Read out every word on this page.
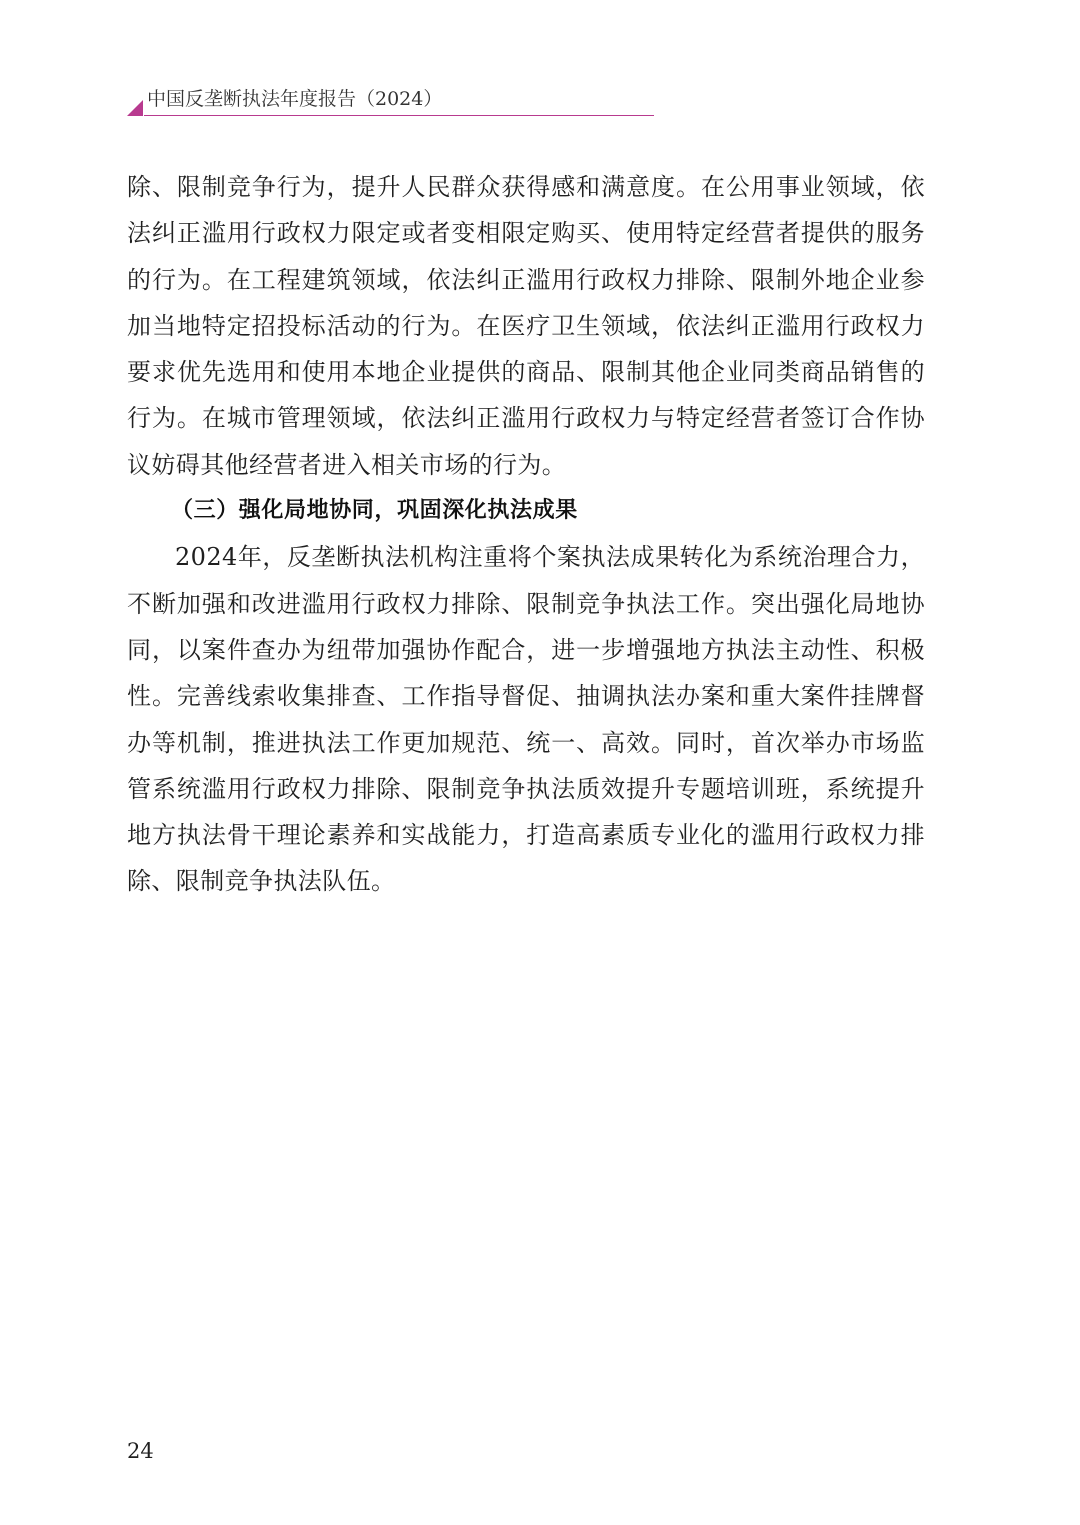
中国反垄断执法年度报告（2024）

除、限制竞争行为，提升人民群众获得感和满意度。在公用事业领域，依法纠正滥用行政权力限定或者变相限定购买、使用特定经营者提供的服务的行为。在工程建筑领域，依法纠正滥用行政权力排除、限制外地企业参加当地特定招投标活动的行为。在医疗卫生领域，依法纠正滥用行政权力要求优先选用和使用本地企业提供的商品、限制其他企业同类商品销售的行为。在城市管理领域，依法纠正滥用行政权力与特定经营者签订合作协议妨碍其他经营者进入相关市场的行为。

（三）强化局地协同，巩固深化执法成果

2024年，反垄断执法机构注重将个案执法成果转化为系统治理合力，不断加强和改进滥用行政权力排除、限制竞争执法工作。突出强化局地协同，以案件查办为纽带加强协作配合，进一步增强地方执法主动性、积极性。完善线索收集排查、工作指导督促、抽调执法办案和重大案件挂牌督办等机制，推进执法工作更加规范、统一、高效。同时，首次举办市场监管系统滥用行政权力排除、限制竞争执法质效提升专题培训班，系统提升地方执法骨干理论素养和实战能力，打造高素质专业化的滥用行政权力排除、限制竞争执法队伍。

24
